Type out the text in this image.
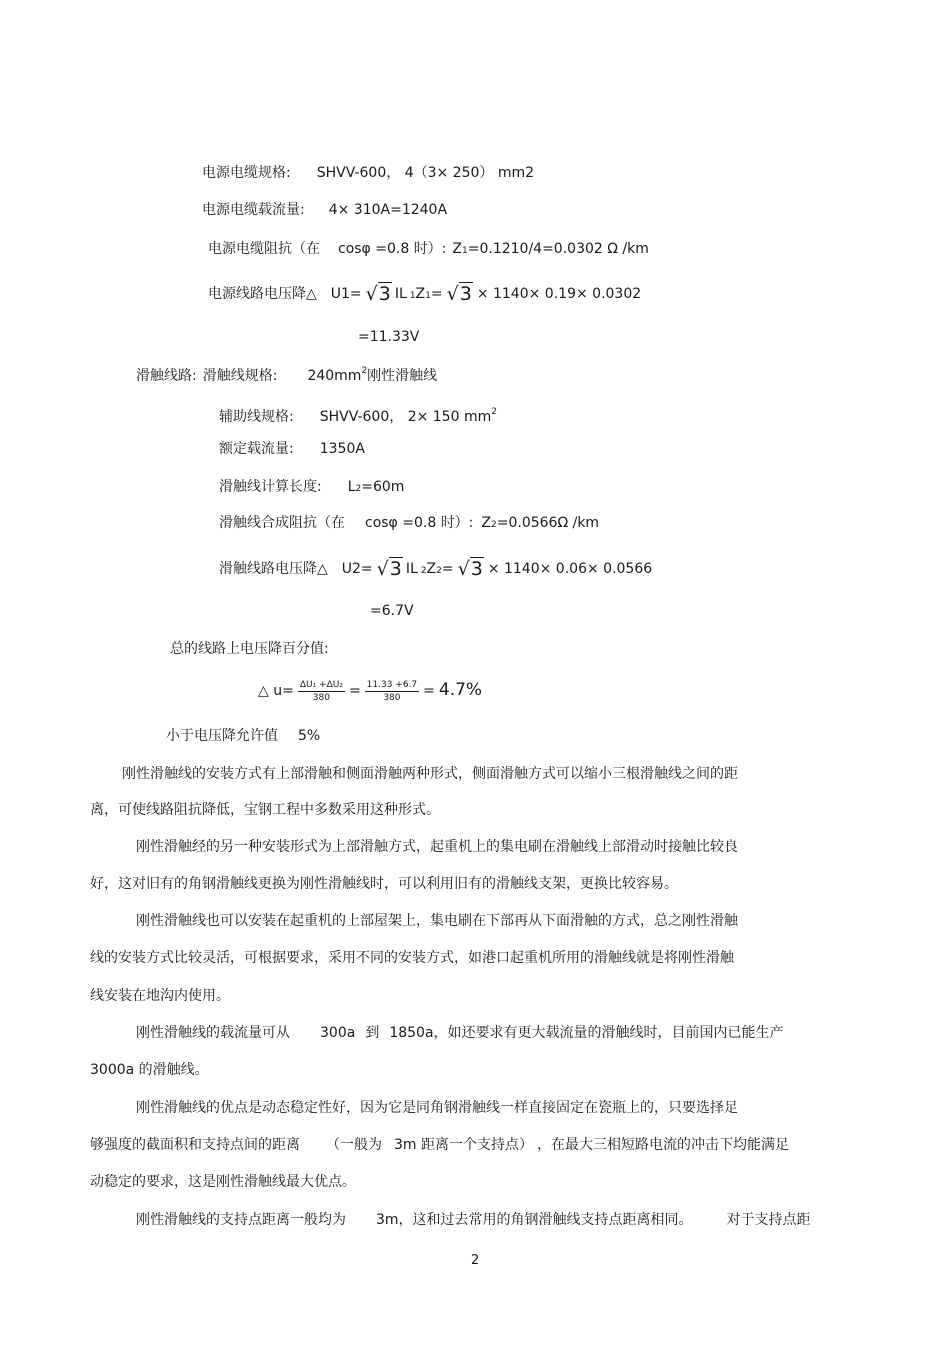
电源电缆规格: SHVV-600， 4（3× 250） mm2
电源电缆载流量: 4× 310A=1240A
电源电缆阻抗（在 cosφ =0.8 时）: Z1=0.1210/4=0.0302 Ω /km
电源线路电压降△ U1= √3 IL 1Z1= √3 × 1140× 0.19× 0.0302
=11.33V
滑触线路: 滑触线规格: $240mm^2$刚性滑触线
辅助线规格: SHVV-600， 2× 150 $mm^2$
额定载流量: 1350A
滑触线计算长度: L2=60m
滑触线合成阻抗（在 cosφ =0.8 时）: Z2=0.0566Ω /km
滑触线路电压降△ U2= √3 IL 2Z2= √3 × 1140× 0.06× 0.0566
=6.7V
总的线路上电压降百分值:
△ $u= \frac{\text{ΔU₁ +ΔU₂}}{380} = \frac{11.33 +6.7}{380} = 4.7\%$
小于电压降允许值 5%
刚性滑触线的安装方式有上部滑触和侧面滑触两种形式，侧面滑触方式可以缩小三根滑触线之间的距
离，可使线路阻抗降低，宝钢工程中多数采用这种形式。
刚性滑触经的另一种安装形式为上部滑触方式，起重机上的集电刷在滑触线上部滑动时接触比较良
好，这对旧有的角钢滑触线更换为刚性滑触线时，可以利用旧有的滑触线支架，更换比较容易。
刚性滑触线也可以安装在起重机的上部屋架上，集电刷在下部再从下面滑触的方式，总之刚性滑触
线的安装方式比较灵活，可根据要求，采用不同的安装方式，如港口起重机所用的滑触线就是将刚性滑触
线安装在地沟内使用。
刚性滑触线的载流量可从 300a 到 1850a，如还要求有更大载流量的滑触线时，目前国内已能生产
3000a 的滑触线。
刚性滑触线的优点是动态稳定性好，因为它是同角钢滑触线一样直接固定在瓷瓶上的，只要选择足
够强度的截面积和支持点间的距离 （一般为 3m 距离一个支持点） ，在最大三相短路电流的冲击下均能满足
动稳定的要求，这是刚性滑触线最大优点。
刚性滑触线的支持点距离一般均为 3m，这和过去常用的角钢滑触线支持点距离相同。 对于支持点距
2
